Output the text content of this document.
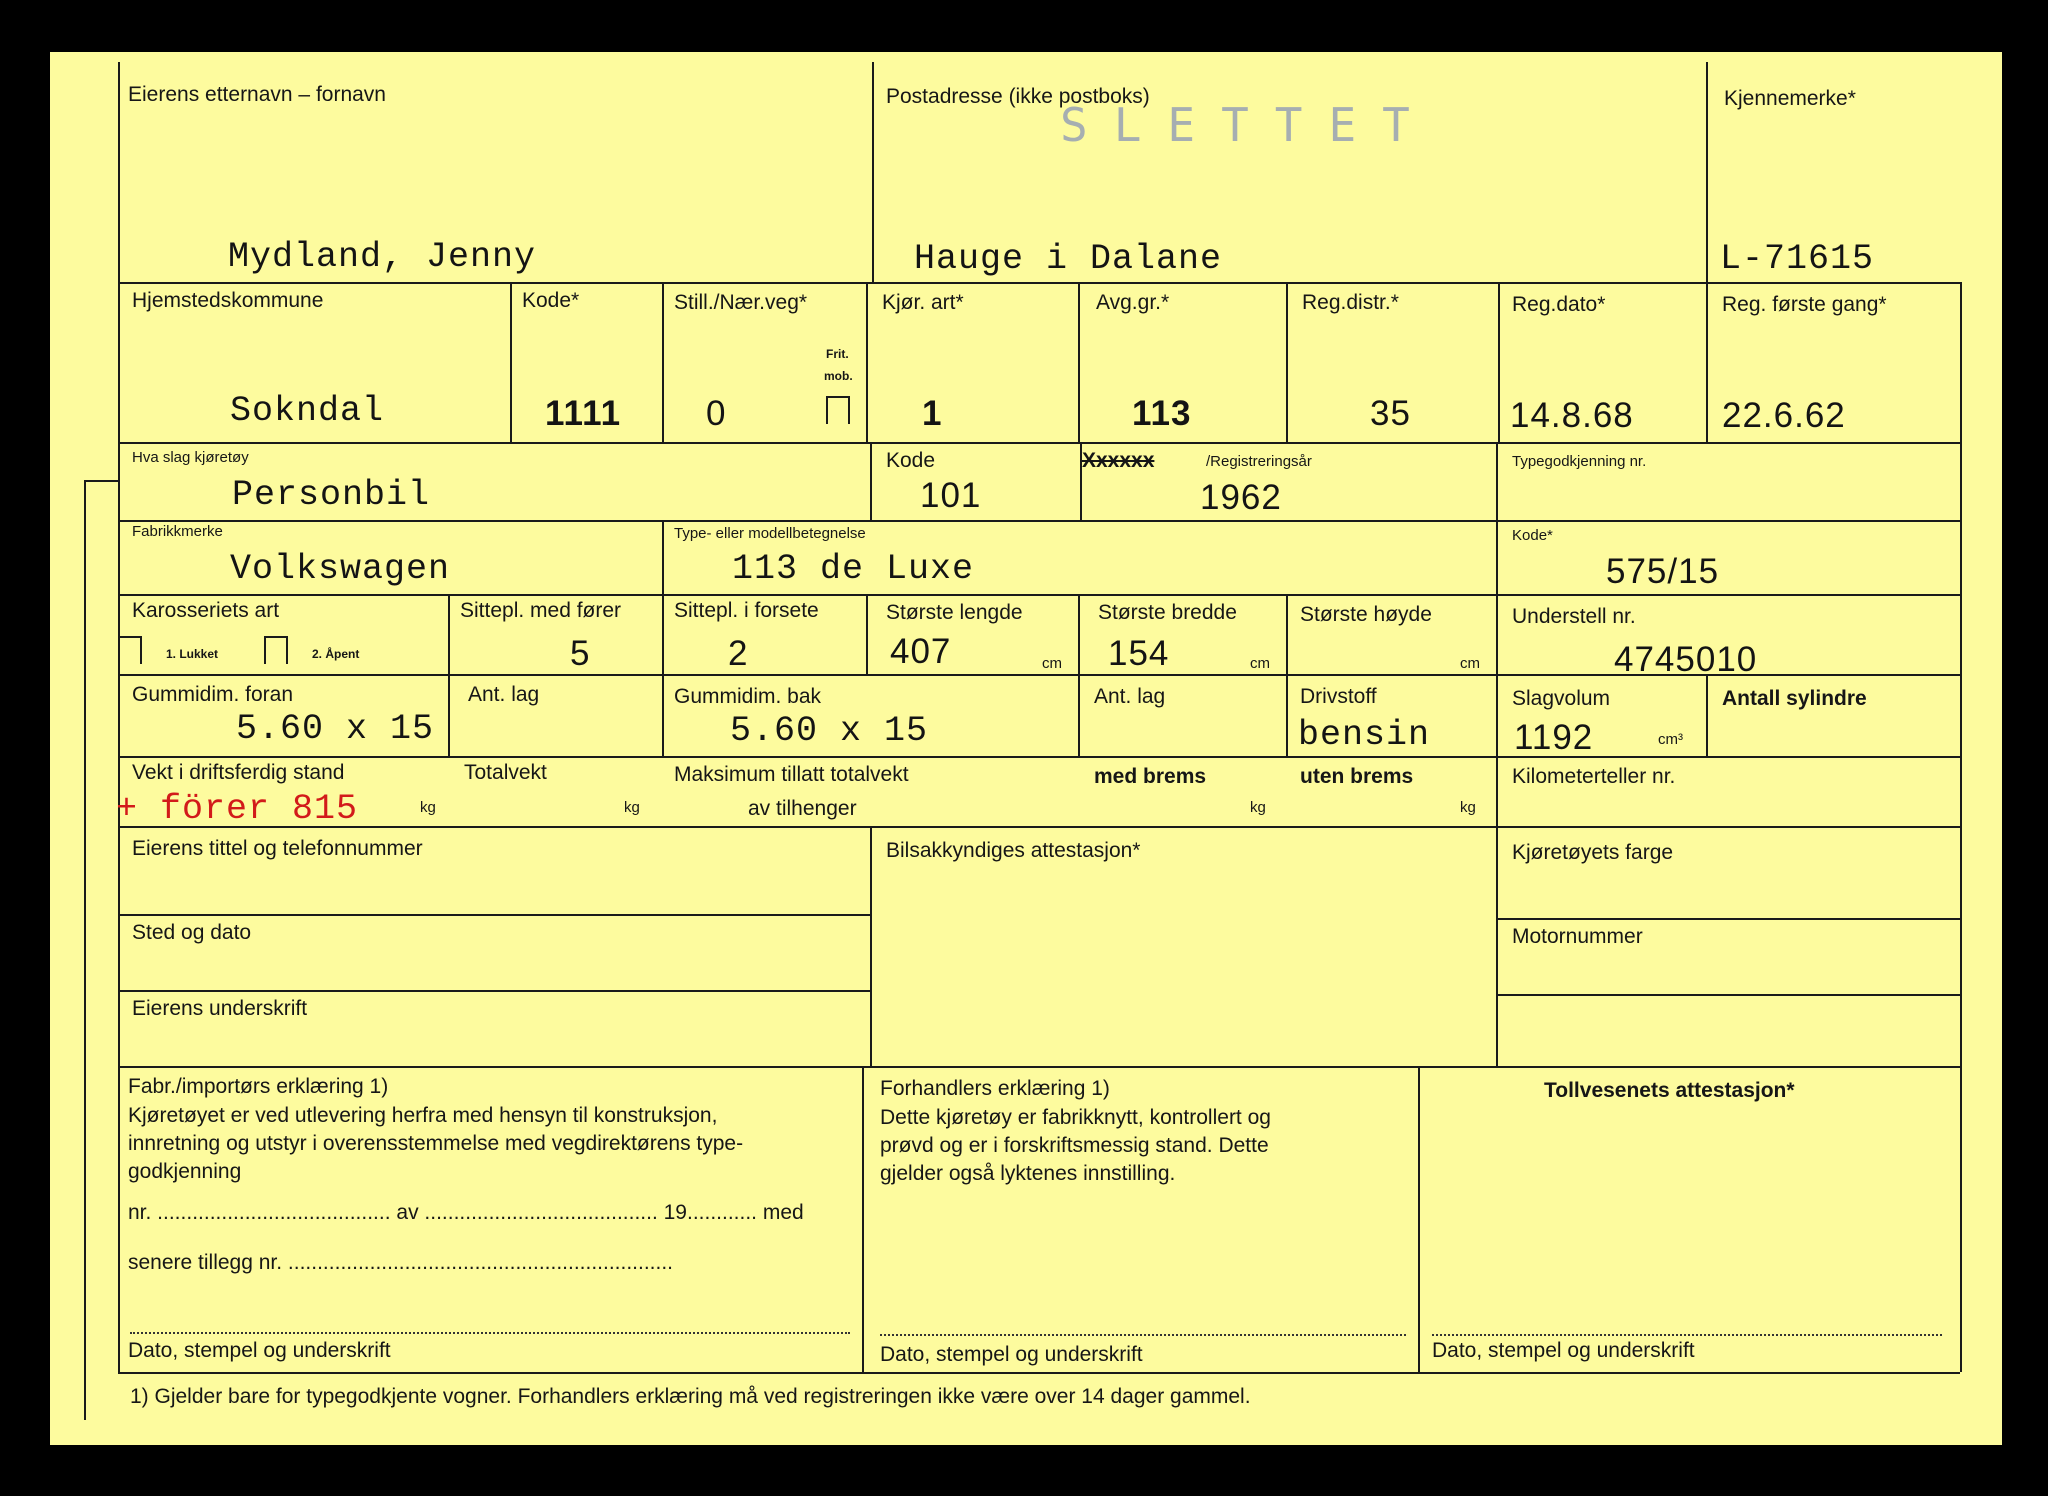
Eierens etternavn – fornavn
Mydland, Jenny
Postadresse (ikke postboks)
SLETTET
Hauge i Dalane
Kjennemerke*
L-71615
Hjemstedskommune
Sokndal
Kode*
1111
Still./Nær.veg*
Frit.
mob.
0
Kjør. art*
1
Avg.gr.*
113
Reg.distr.*
35
Reg.dato*
14.8.68
Reg. første gang*
22.6.62
Hva slag kjøretøy
Personbil
Kode
101
Xxxxxx	/Registreringsår
1962
Typegodkjenning nr.
Fabrikkmerke
Volkswagen
Type- eller modellbetegnelse
113 de Luxe
Kode*
575/15
Karosseriets art
1. Lukket	2. Åpent
Sittepl. med fører
5
Sittepl. i forsete
2
Største lengde
407	cm
Største bredde
154	cm
Største høyde
cm
Understell nr.
4745010
Gummidim. foran
5.60 x 15
Ant. lag	Gummidim. bak
5.60 x 15
Ant. lag	Drivstoff
bensin
Slagvolum
1192	cm³
Antall sylindre
Vekt i driftsferdig stand
+ förer 815	kg
Totalvekt
kg
Maksimum tillatt totalvekt
av tilhenger
med brems
kg
uten brems
kg
Kilometerteller nr.
Eierens tittel og telefonnummer
Sted og dato
Eierens underskrift
Bilsakkyndiges attestasjon*	Kjøretøyets farge
Motornummer
Fabr./importørs erklæring 1)
Kjøretøyet er ved utlevering herfra med hensyn til konstruksjon,
innretning og utstyr i overensstemmelse med vegdirektørens type-
godkjenning
nr. ........................................ av ........................................ 19............ med
senere tillegg nr. ..................................................................
Dato, stempel og underskrift
Forhandlers erklæring 1)
Dette kjøretøy er fabrikknytt, kontrollert og
prøvd og er i forskriftsmessig stand. Dette
gjelder også lyktenes innstilling.
Dato, stempel og underskrift
Tollvesenets attestasjon*
Dato, stempel og underskrift
1) Gjelder bare for typegodkjente vogner. Forhandlers erklæring må ved registreringen ikke være over 14 dager gammel.
